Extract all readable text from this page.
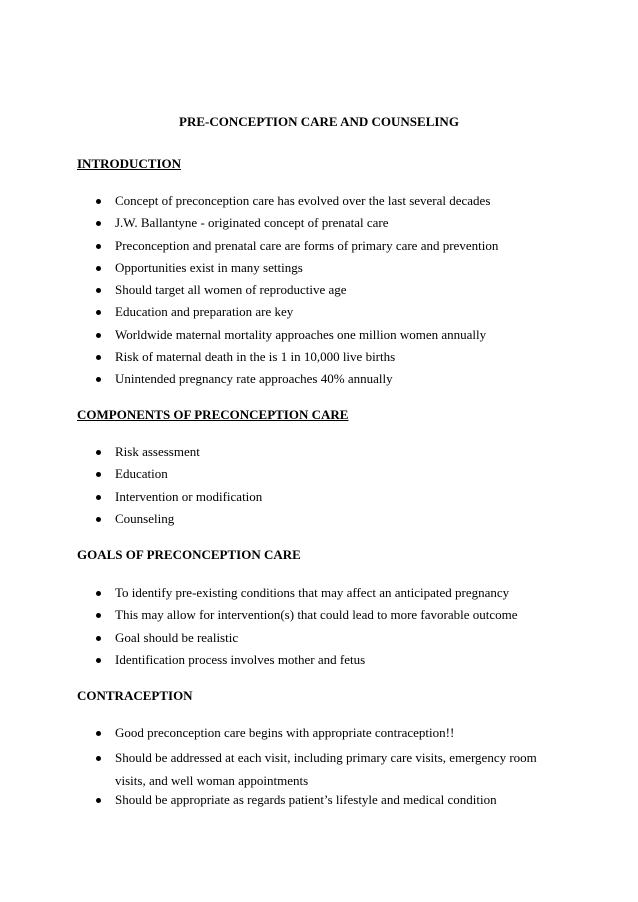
PRE-CONCEPTION CARE AND COUNSELING
INTRODUCTION
Concept of preconception care has evolved over the last several decades
J.W. Ballantyne - originated concept of prenatal care
Preconception and prenatal care are forms of primary care and prevention
Opportunities exist in many settings
Should target all women of reproductive age
Education and preparation are key
Worldwide maternal mortality approaches one million women annually
Risk of maternal death in the is 1 in 10,000 live births
Unintended pregnancy rate approaches 40% annually
COMPONENTS OF PRECONCEPTION CARE
Risk assessment
Education
Intervention or modification
Counseling
GOALS OF PRECONCEPTION CARE
To identify pre-existing conditions that may affect an anticipated pregnancy
This may allow for intervention(s) that could lead to more favorable outcome
Goal should be realistic
Identification process involves mother and fetus
CONTRACEPTION
Good preconception care begins with appropriate contraception!!
Should be addressed at each visit, including primary care visits, emergency room visits, and well woman appointments
Should be appropriate as regards patient’s lifestyle and medical condition
